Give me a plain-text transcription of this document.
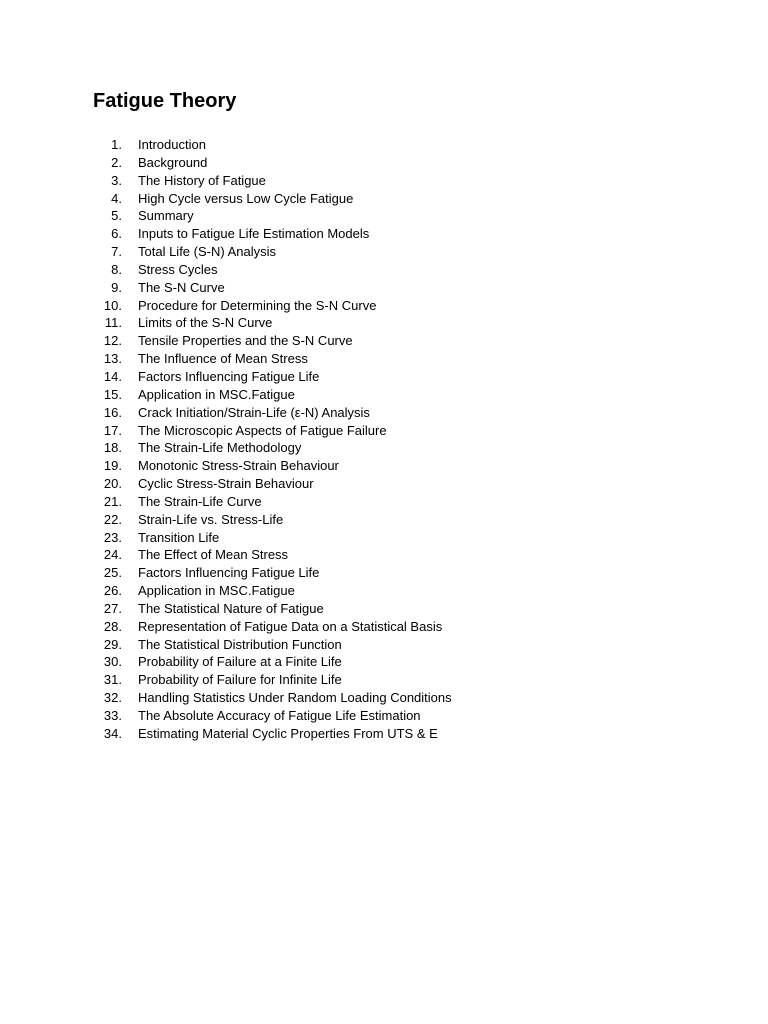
Fatigue Theory
1. Introduction
2. Background
3. The History of Fatigue
4. High Cycle versus Low Cycle Fatigue
5. Summary
6. Inputs to Fatigue Life Estimation Models
7. Total Life (S-N) Analysis
8. Stress Cycles
9. The S-N Curve
10. Procedure for Determining the S-N Curve
11. Limits of the S-N Curve
12. Tensile Properties and the S-N Curve
13. The Influence of Mean Stress
14. Factors Influencing Fatigue Life
15. Application in MSC.Fatigue
16. Crack Initiation/Strain-Life (ε-N) Analysis
17. The Microscopic Aspects of Fatigue Failure
18. The Strain-Life Methodology
19. Monotonic Stress-Strain Behaviour
20. Cyclic Stress-Strain Behaviour
21. The Strain-Life Curve
22. Strain-Life vs. Stress-Life
23. Transition Life
24. The Effect of Mean Stress
25. Factors Influencing Fatigue Life
26. Application in MSC.Fatigue
27. The Statistical Nature of Fatigue
28. Representation of Fatigue Data on a Statistical Basis
29. The Statistical Distribution Function
30. Probability of Failure at a Finite Life
31. Probability of Failure for Infinite Life
32. Handling Statistics Under Random Loading Conditions
33. The Absolute Accuracy of Fatigue Life Estimation
34. Estimating Material Cyclic Properties From UTS & E
